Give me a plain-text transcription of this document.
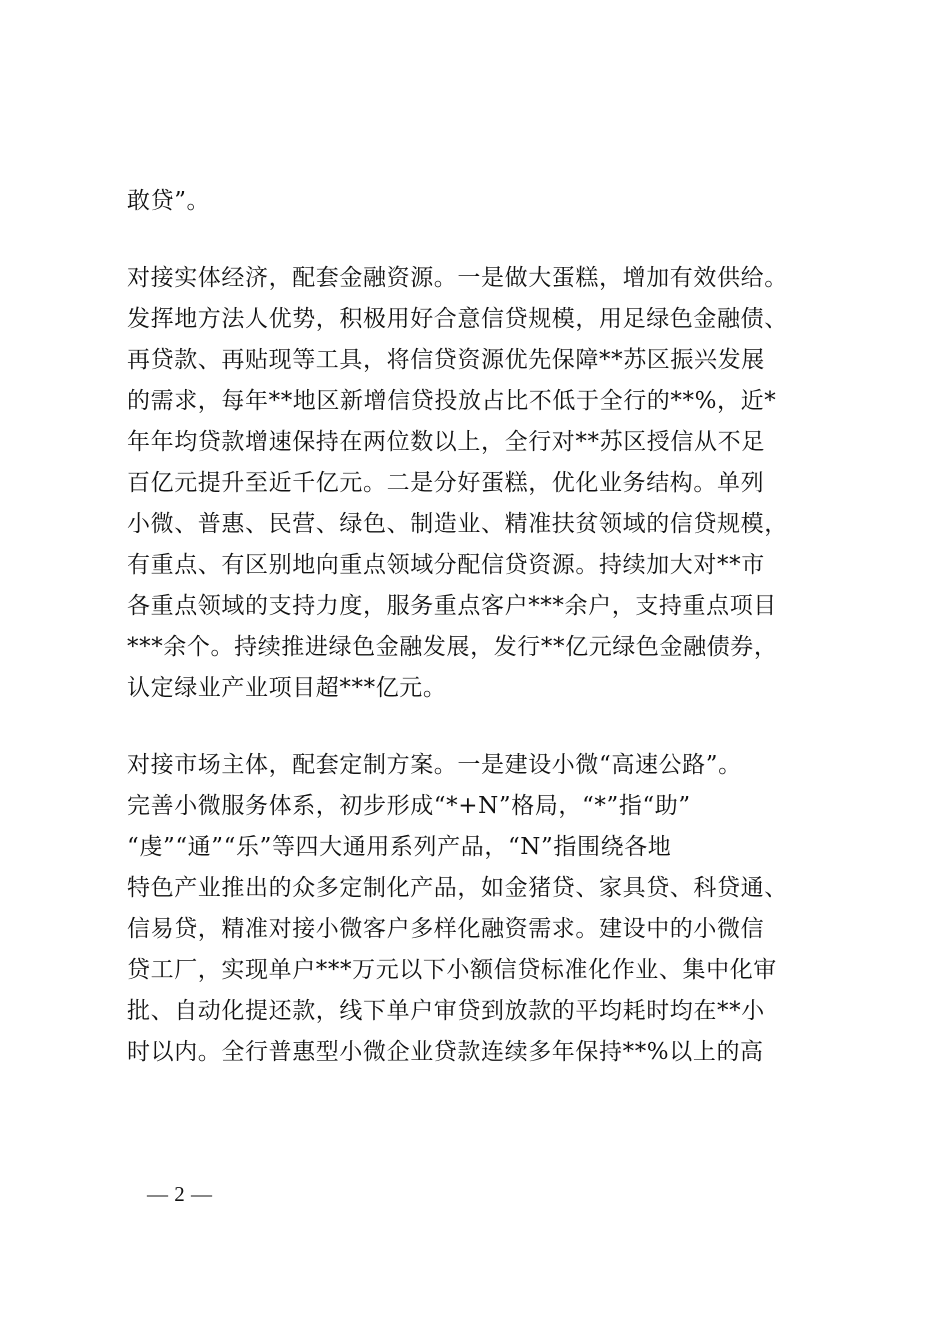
敢贷”。
对接实体经济，配套金融资源。一是做大蛋糕，增加有效供给。
发挥地方法人优势，积极用好合意信贷规模，用足绿色金融债、
再贷款、再贴现等工具，将信贷资源优先保障**苏区振兴发展
的需求，每年**地区新增信贷投放占比不低于全行的**%，近*
年年均贷款增速保持在两位数以上，全行对**苏区授信从不足
百亿元提升至近千亿元。二是分好蛋糕，优化业务结构。单列
小微、普惠、民营、绿色、制造业、精准扶贫领域的信贷规模，
有重点、有区别地向重点领域分配信贷资源。持续加大对**市
各重点领域的支持力度，服务重点客户***余户，支持重点项目
***余个。持续推进绿色金融发展，发行**亿元绿色金融债券，
认定绿业产业项目超***亿元。
对接市场主体，配套定制方案。一是建设小微“高速公路”。
完善小微服务体系，初步形成“*+N”格局，“*”指“助”
“虔”“通”“乐”等四大通用系列产品，“N”指围绕各地
特色产业推出的众多定制化产品，如金猪贷、家具贷、科贷通、
信易贷，精准对接小微客户多样化融资需求。建设中的小微信
贷工厂，实现单户***万元以下小额信贷标准化作业、集中化审
批、自动化提还款，线下单户审贷到放款的平均耗时均在**小
时以内。全行普惠型小微企业贷款连续多年保持**%以上的高
— 2 —
